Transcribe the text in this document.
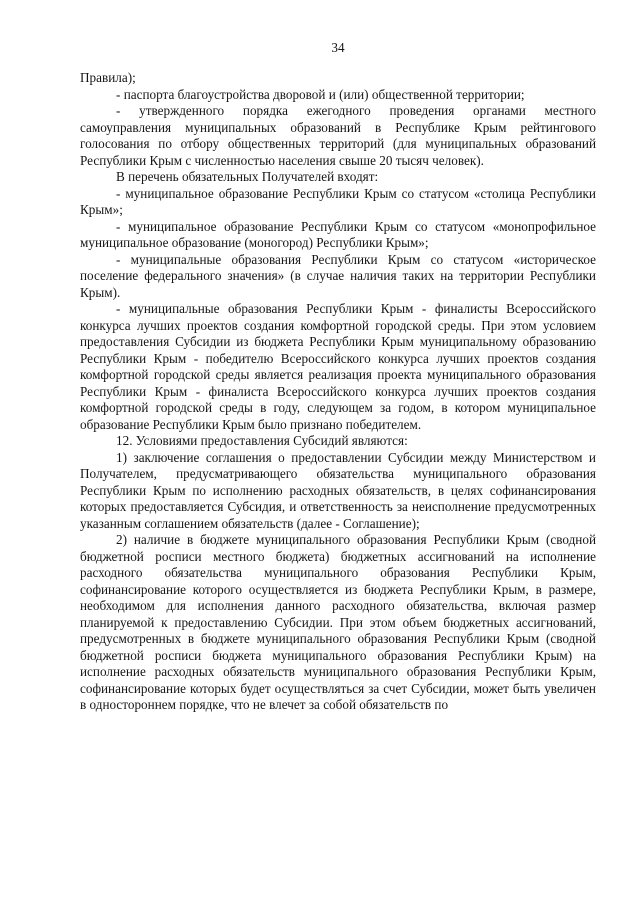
34

Правила);

- паспорта благоустройства дворовой и (или) общественной территории;

- утвержденного порядка ежегодного проведения органами местного самоуправления муниципальных образований в Республике Крым рейтингового голосования по отбору общественных территорий (для муниципальных образований Республики Крым с численностью населения свыше 20 тысяч человек).

В перечень обязательных Получателей входят:

- муниципальное образование Республики Крым со статусом «столица Республики Крым»;

- муниципальное образование Республики Крым со статусом «монопрофильное муниципальное образование (моногород) Республики Крым»;

- муниципальные образования Республики Крым со статусом «историческое поселение федерального значения» (в случае наличия таких на территории Республики Крым).

- муниципальные образования Республики Крым - финалисты Всероссийского конкурса лучших проектов создания комфортной городской среды. При этом условием предоставления Субсидии из бюджета Республики Крым муниципальному образованию Республики Крым - победителю Всероссийского конкурса лучших проектов создания комфортной городской среды является реализация проекта муниципального образования Республики Крым - финалиста Всероссийского конкурса лучших проектов создания комфортной городской среды в году, следующем за годом, в котором муниципальное образование Республики Крым было признано победителем.

12. Условиями предоставления Субсидий являются:

1) заключение соглашения о предоставлении Субсидии между Министерством и Получателем, предусматривающего обязательства муниципального образования Республики Крым по исполнению расходных обязательств, в целях софинансирования которых предоставляется Субсидия, и ответственность за неисполнение предусмотренных указанным соглашением обязательств (далее - Соглашение);

2) наличие в бюджете муниципального образования Республики Крым (сводной бюджетной росписи местного бюджета) бюджетных ассигнований на исполнение расходного обязательства муниципального образования Республики Крым, софинансирование которого осуществляется из бюджета Республики Крым, в размере, необходимом для исполнения данного расходного обязательства, включая размер планируемой к предоставлению Субсидии. При этом объем бюджетных ассигнований, предусмотренных в бюджете муниципального образования Республики Крым (сводной бюджетной росписи бюджета муниципального образования Республики Крым) на исполнение расходных обязательств муниципального образования Республики Крым, софинансирование которых будет осуществляться за счет Субсидии, может быть увеличен в одностороннем порядке, что не влечет за собой обязательств по
